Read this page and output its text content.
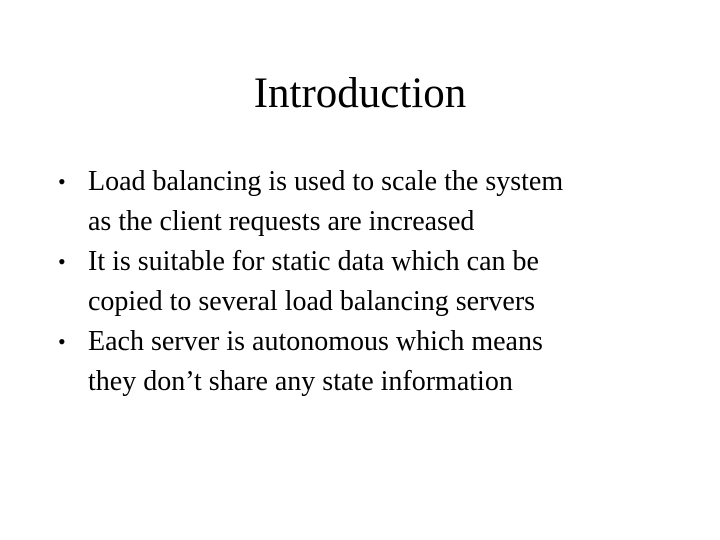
Introduction
• Load balancing is used to scale the system
as the client requests are increased
• It is suitable for static data which can be
copied to several load balancing servers
• Each server is autonomous which means
they don’t share any state information
